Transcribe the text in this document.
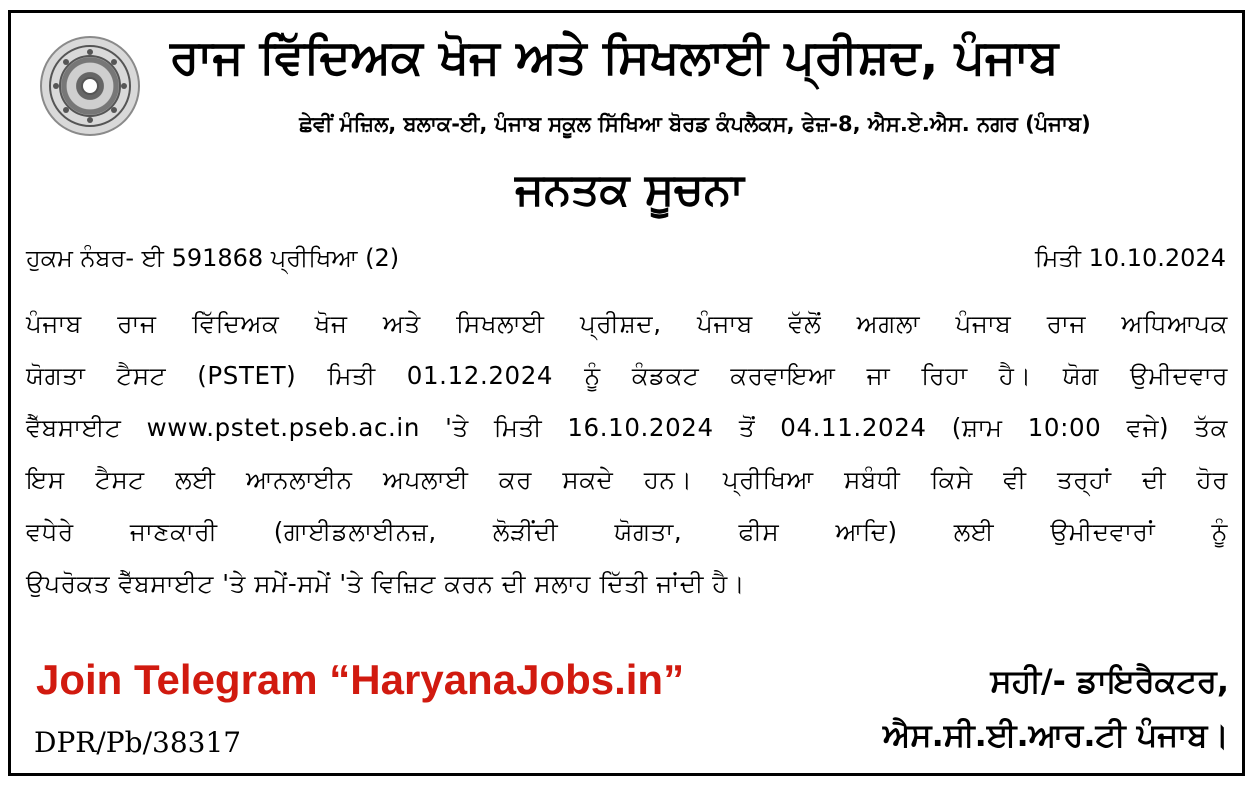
ਰਾਜ ਵਿੱਦਿਅਕ ਖੋਜ ਅਤੇ ਸਿਖਲਾਈ ਪ੍ਰੀਸ਼ਦ, ਪੰਜਾਬ
ਛੇਵੀਂ ਮੰਜ਼ਿਲ, ਬਲਾਕ-ਈ, ਪੰਜਾਬ ਸਕੂਲ ਸਿੱਖਿਆ ਬੋਰਡ ਕੰਪਲੈਕਸ, ਫੇਜ਼-8, ਐਸ.ਏ.ਐਸ. ਨਗਰ (ਪੰਜਾਬ)
ਜਨਤਕ ਸੂਚਨਾ
ਹੁਕਮ ਨੰਬਰ- ਈ 591868 ਪ੍ਰੀਖਿਆ (2)	ਮਿਤੀ 10.10.2024
ਪੰਜਾਬ ਰਾਜ ਵਿੱਦਿਅਕ ਖੋਜ ਅਤੇ ਸਿਖਲਾਈ ਪ੍ਰੀਸ਼ਦ, ਪੰਜਾਬ ਵੱਲੋਂ ਅਗਲਾ ਪੰਜਾਬ ਰਾਜ ਅਧਿਆਪਕ
ਯੋਗਤਾ ਟੈਸਟ (PSTET) ਮਿਤੀ 01.12.2024 ਨੂੰ ਕੰਡਕਟ ਕਰਵਾਇਆ ਜਾ ਰਿਹਾ ਹੈ। ਯੋਗ ਉਮੀਦਵਾਰ
ਵੈੱਬਸਾਈਟ www.pstet.pseb.ac.in 'ਤੇ ਮਿਤੀ 16.10.2024 ਤੋਂ 04.11.2024 (ਸ਼ਾਮ 10:00 ਵਜੇ) ਤੱਕ
ਇਸ ਟੈਸਟ ਲਈ ਆਨਲਾਈਨ ਅਪਲਾਈ ਕਰ ਸਕਦੇ ਹਨ। ਪ੍ਰੀਖਿਆ ਸਬੰਧੀ ਕਿਸੇ ਵੀ ਤਰ੍ਹਾਂ ਦੀ ਹੋਰ
ਵਧੇਰੇ ਜਾਣਕਾਰੀ (ਗਾਈਡਲਾਈਨਜ਼, ਲੋੜੀਂਦੀ ਯੋਗਤਾ, ਫੀਸ ਆਦਿ) ਲਈ ਉਮੀਦਵਾਰਾਂ ਨੂੰ
ਉਪਰੋਕਤ ਵੈੱਬਸਾਈਟ 'ਤੇ ਸਮੇਂ-ਸਮੇਂ 'ਤੇ ਵਿਜ਼ਿਟ ਕਰਨ ਦੀ ਸਲਾਹ ਦਿੱਤੀ ਜਾਂਦੀ ਹੈ।
Join Telegram “HaryanaJobs.in”	ਸਹੀ/- ਡਾਇਰੈਕਟਰ,
ਐਸ.ਸੀ.ਈ.ਆਰ.ਟੀ ਪੰਜਾਬ।
DPR/Pb/38317
